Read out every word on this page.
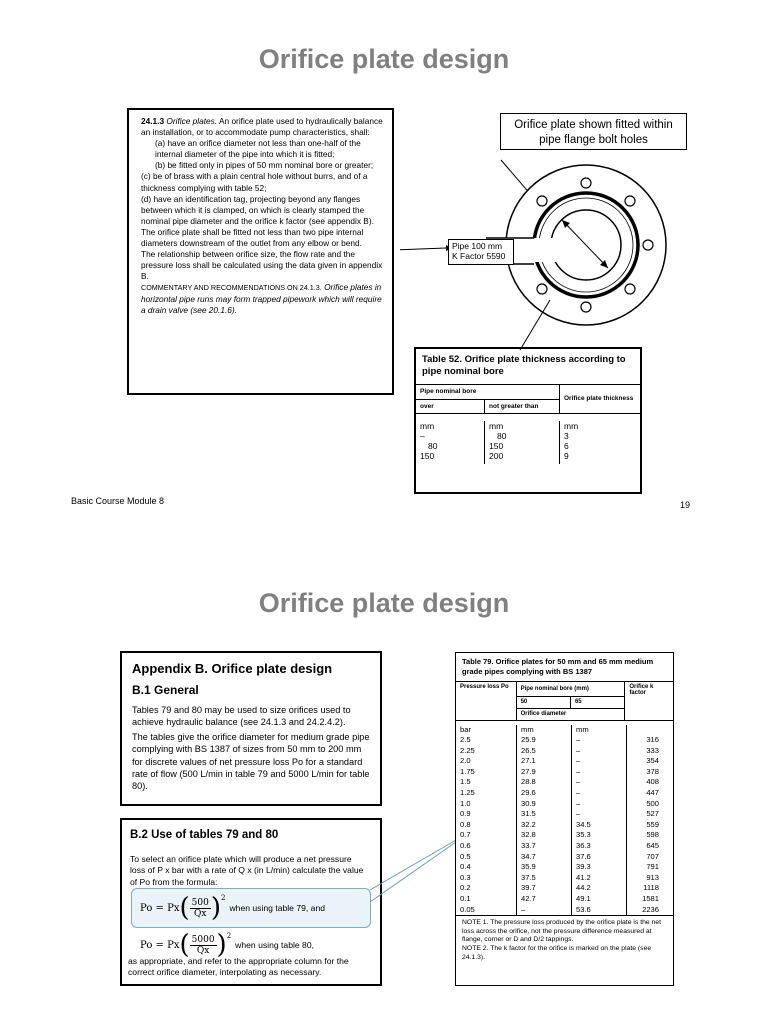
Orifice plate design

24.1.3 Orifice plates. An orifice plate used to hydraulically balance an installation, or to accommodate pump characteristics, shall:

(a) have an orifice diameter not less than one-half of the internal diameter of the pipe into which it is fitted;

(b) be fitted only in pipes of 50 mm nominal bore or greater;

(c) be of brass with a plain central hole without burrs, and of a thickness complying with table 52;

(d) have an identification tag, projecting beyond any flanges between which it is clamped, on which is clearly stamped the nominal pipe diameter and the orifice k factor (see appendix B).

The orifice plate shall be fitted not less than two pipe internal diameters downstream of the outlet from any elbow or bend.

The relationship between orifice size, the flow rate and the pressure loss shall be calculated using the data given in appendix B.

COMMENTARY AND RECOMMENDATIONS ON 24.1.3. Orifice plates in horizontal pipe runs may form trapped pipework which will require a drain valve (see 20.1.6).

Orifice plate shown fitted within pipe flange bolt holes
Pipe 100 mm
K Factor 5590
Table 52. Orifice plate thickness according to pipe nominal bore
Pipe nominal bore		Orifice plate thickness
over	not greater than	

mm	mm	mm
–	80	3
80	150	6
150	200	9
Basic Course Module 8	19
Orifice plate design
Appendix B. Orifice plate design
B.1 General
Tables 79 and 80 may be used to size orifices used to achieve hydraulic balance (see 24.1.3 and 24.2.4.2).
The tables give the orifice diameter for medium grade pipe complying with BS 1387 of sizes from 50 mm to 200 mm for discrete values of net pressure loss Po for a standard rate of flow (500 L/min in table 79 and 5000 L/min for table 80).
B.2 Use of tables 79 and 80
To select an orifice plate which will produce a net pressure loss of P x bar with a rate of Q x (in L/min) calculate the value of Po from the formula:
Po
=
Px ( $\frac{500}{Qx} )^2$
when using table 79, and
Po
=
Px ( $\frac{5000}{Qx} )^2$
when using table 80,
as appropriate, and refer to the appropriate column for the correct orifice diameter, interpolating as necessary.
Table 79. Orifice plates for 50 mm and 65 mm medium grade pipes complying with BS 1387
Pressure loss Po	Pipe nominal bore (mm)		Orifice k factor
	50	65	
	Orifice diameter		

bar	mm	mm	
2.5	25.9	–	316
2.25	26.5	–	333
2.0	27.1	–	354
1.75	27.9	–	378
1.5	28.8	–	408
1.25	29.6	–	447
1.0	30.9	–	500
0.9	31.5	–	527
0.8	32.2	34.5	559
0.7	32.8	35.3	598
0.6	33.7	36.3	645
0.5	34.7	37.6	707
0.4	35.9	39.3	791
0.3	37.5	41.2	913
0.2	39.7	44.2	1118
0.1	42.7	49.1	1581
0.05	–	53.6	2236
NOTE 1. The pressure loss produced by the orifice plate is the net loss across the orifice, not the pressure difference measured at flange, corner or D and D/2 tappings.
NOTE 2. The k factor for the orifice is marked on the plate (see 24.1.3).
